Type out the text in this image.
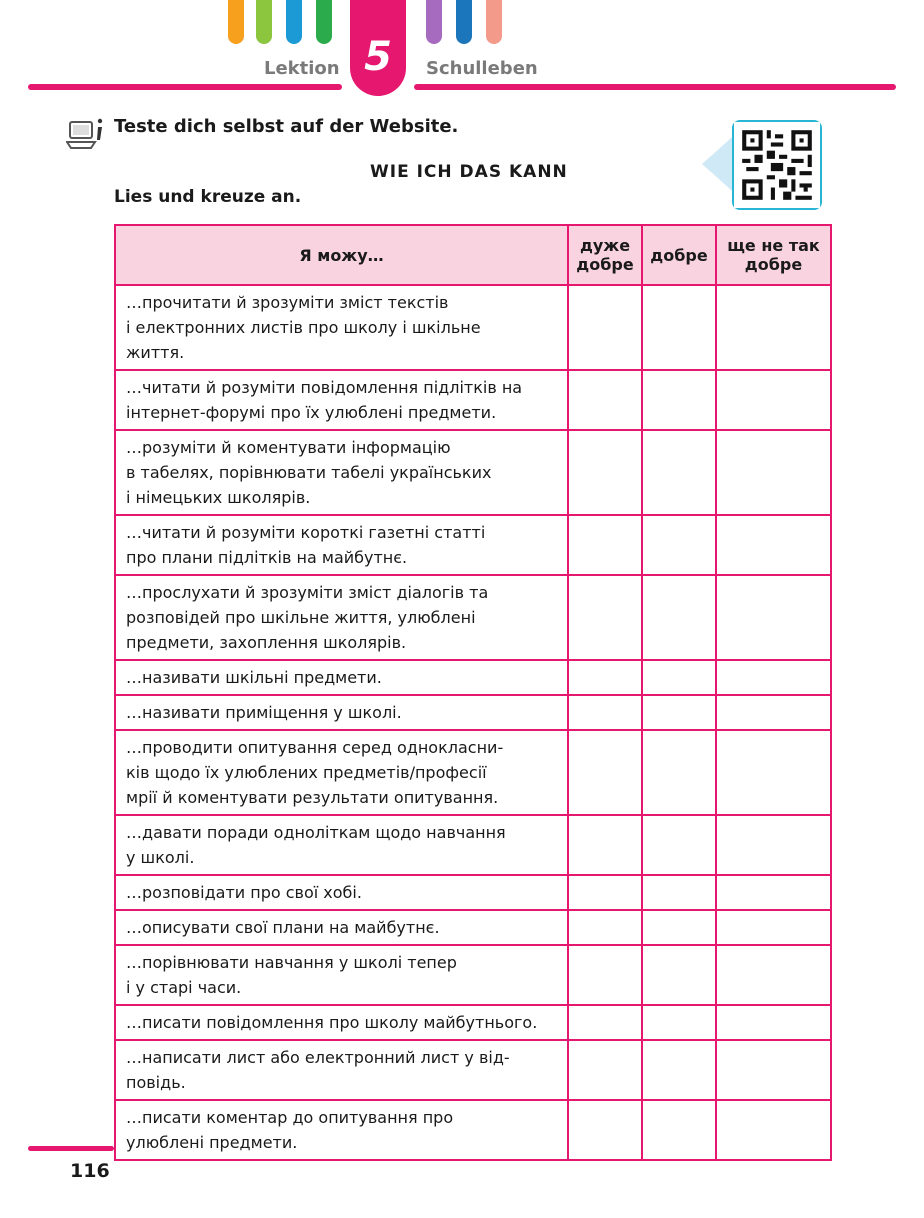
5
Lektion	Schulleben
Teste dich selbst auf der Website.
WIE ICH DAS KANN
Lies und kreuze an.
Я можу…	дуже добре	добре	ще не так добре

…прочитати й зрозуміти зміст текстів
і електронних листів про школу і шкільне
життя.			

…читати й розуміти повідомлення підлітків на
інтернет-форумі про їх улюблені предмети.			

…розуміти й коментувати інформацію
в табелях, порівнювати табелі українських
і німецьких школярів.			

…читати й розуміти короткі газетні статті
про плани підлітків на майбутнє.			

…прослухати й зрозуміти зміст діалогів та
розповідей про шкільне життя, улюблені
предмети, захоплення школярів.			

…називати шкільні предмети.			

…називати приміщення у школі.			

…проводити опитування серед однокласни-
ків щодо їх улюблених предметів/професії
мрії й коментувати результати опитування.			

…давати поради одноліткам щодо навчання
у школі.			

…розповідати про свої хобі.			

…описувати свої плани на майбутнє.			

…порівнювати навчання у школі тепер
і у старі часи.			

…писати повідомлення про школу майбутнього.			

…написати лист або електронний лист у від-
повідь.			

…писати коментар до опитування про
улюблені предмети.			

116
